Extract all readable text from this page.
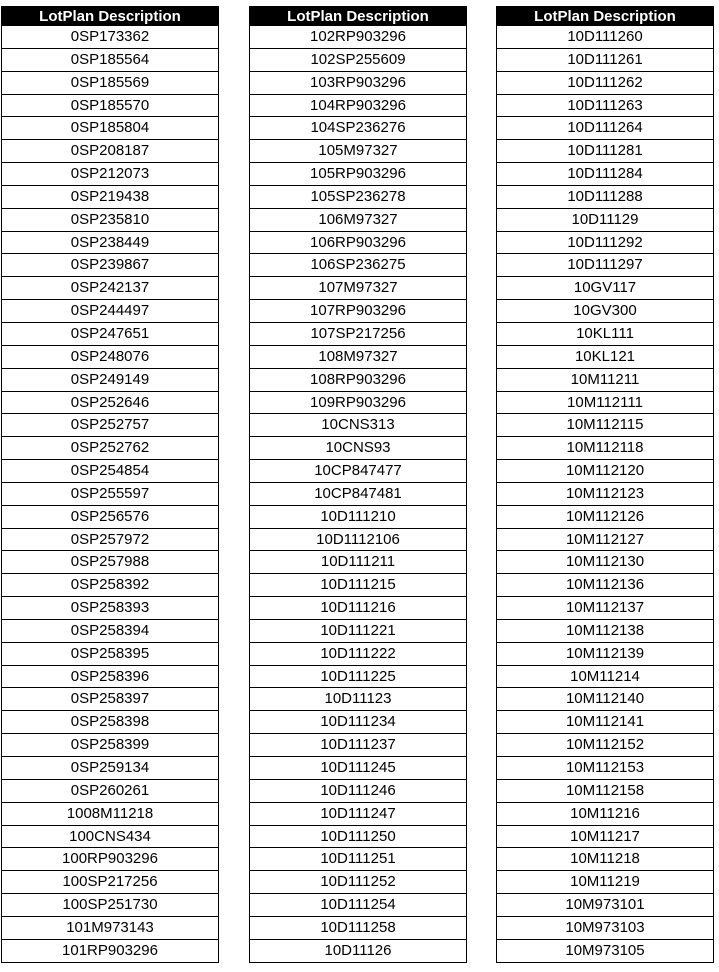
LotPlan Description
0SP173362
0SP185564
0SP185569
0SP185570
0SP185804
0SP208187
0SP212073
0SP219438
0SP235810
0SP238449
0SP239867
0SP242137
0SP244497
0SP247651
0SP248076
0SP249149
0SP252646
0SP252757
0SP252762
0SP254854
0SP255597
0SP256576
0SP257972
0SP257988
0SP258392
0SP258393
0SP258394
0SP258395
0SP258396
0SP258397
0SP258398
0SP258399
0SP259134
0SP260261
1008M11218
100CNS434
100RP903296
100SP217256
100SP251730
101M973143
101RP903296
LotPlan Description
102RP903296
102SP255609
103RP903296
104RP903296
104SP236276
105M97327
105RP903296
105SP236278
106M97327
106RP903296
106SP236275
107M97327
107RP903296
107SP217256
108M97327
108RP903296
109RP903296
10CNS313
10CNS93
10CP847477
10CP847481
10D111210
10D1112106
10D111211
10D111215
10D111216
10D111221
10D111222
10D111225
10D11123
10D111234
10D111237
10D111245
10D111246
10D111247
10D111250
10D111251
10D111252
10D111254
10D111258
10D11126
LotPlan Description
10D111260
10D111261
10D111262
10D111263
10D111264
10D111281
10D111284
10D111288
10D11129
10D111292
10D111297
10GV117
10GV300
10KL111
10KL121
10M11211
10M112111
10M112115
10M112118
10M112120
10M112123
10M112126
10M112127
10M112130
10M112136
10M112137
10M112138
10M112139
10M11214
10M112140
10M112141
10M112152
10M112153
10M112158
10M11216
10M11217
10M11218
10M11219
10M973101
10M973103
10M973105
